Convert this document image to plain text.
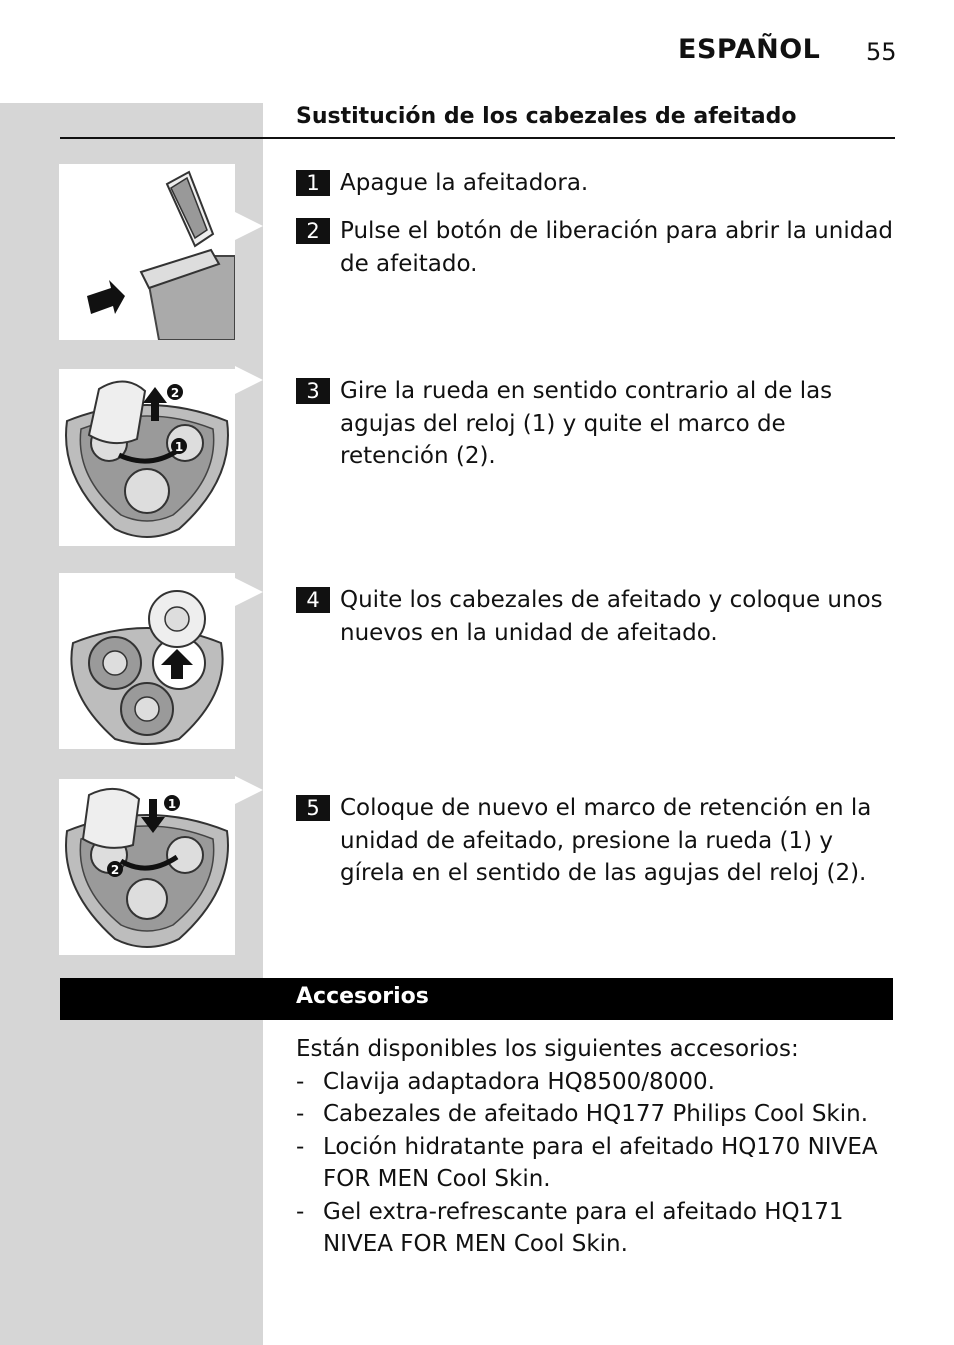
ESPAÑOL 55
Sustitución de los cabezales de afeitado
2
1
1
2
1 Apague la afeitadora.
2 Pulse el botón de liberación para abrir la unidad de afeitado.
3 Gire la rueda en sentido contrario al de las agujas del reloj (1) y quite el marco de retención (2).
4 Quite los cabezales de afeitado y coloque unos nuevos en la unidad de afeitado.
5 Coloque de nuevo el marco de retención en la unidad de afeitado, presione la rueda (1) y gírela en el sentido de las agujas del reloj (2).
Accesorios
Están disponibles los siguientes accesorios:
- Clavija adaptadora HQ8500/8000.
- Cabezales de afeitado HQ177 Philips Cool Skin.
- Loción hidratante para el afeitado HQ170 NIVEA FOR MEN Cool Skin.
- Gel extra-refrescante para el afeitado HQ171 NIVEA FOR MEN Cool Skin.
